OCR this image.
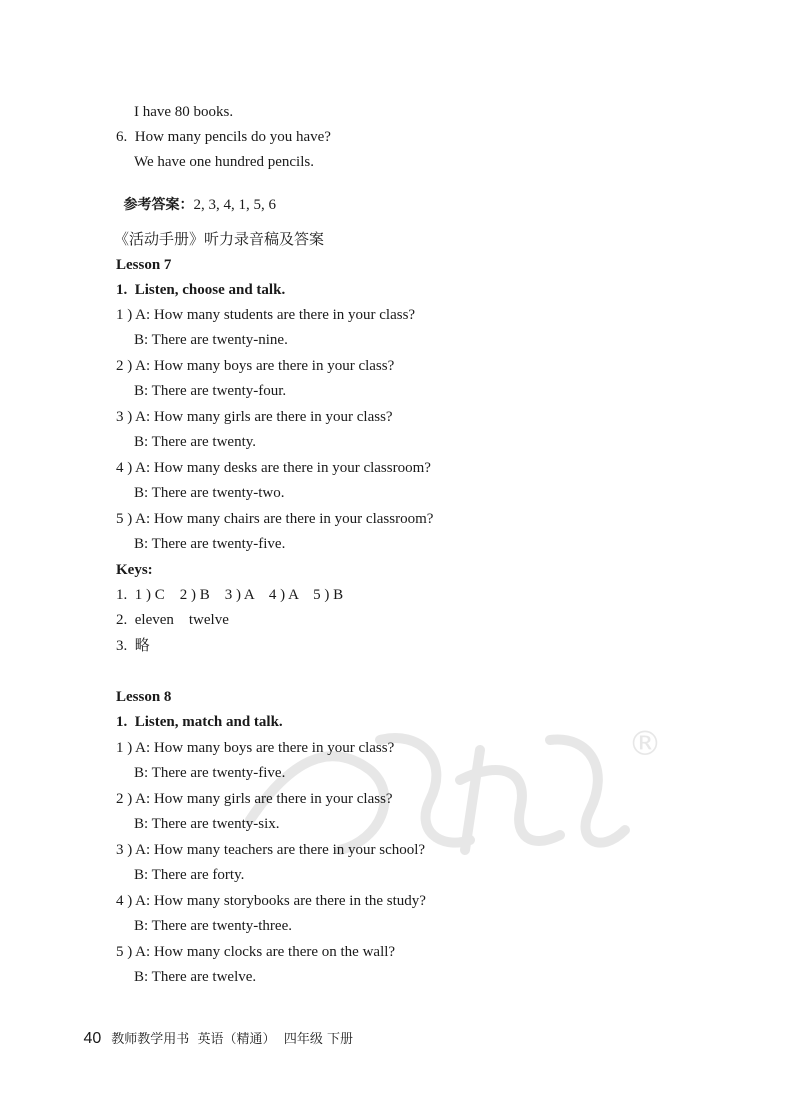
I have 80 books.
6.  How many pencils do you have?
We have one hundred pencils.

参考答案：2, 3, 4, 1, 5, 6

《活动手册》听力录音稿及答案
Lesson 7
1.  Listen, choose and talk.
1 ) A: How many students are there in your class?
B: There are twenty-nine.
2 ) A: How many boys are there in your class?
B: There are twenty-four.
3 ) A: How many girls are there in your class?
B: There are twenty.
4 ) A: How many desks are there in your classroom?
B: There are twenty-two.
5 ) A: How many chairs are there in your classroom?
B: There are twenty-five.
Keys:
1.  1 ) C    2 ) B    3 ) A    4 ) A    5 ) B
2.  eleven    twelve
3.  略
Lesson 8
1.  Listen, match and talk.
1 ) A: How many boys are there in your class?
B: There are twenty-five.
2 ) A: How many girls are there in your class?
B: There are twenty-six.
3 ) A: How many teachers are there in your school?
B: There are forty.
4 ) A: How many storybooks are there in the study?
B: There are twenty-three.
5 ) A: How many clocks are there on the wall?
B: There are twelve.
®

40 教师教学用书  英语（精通）  四年级 下册
